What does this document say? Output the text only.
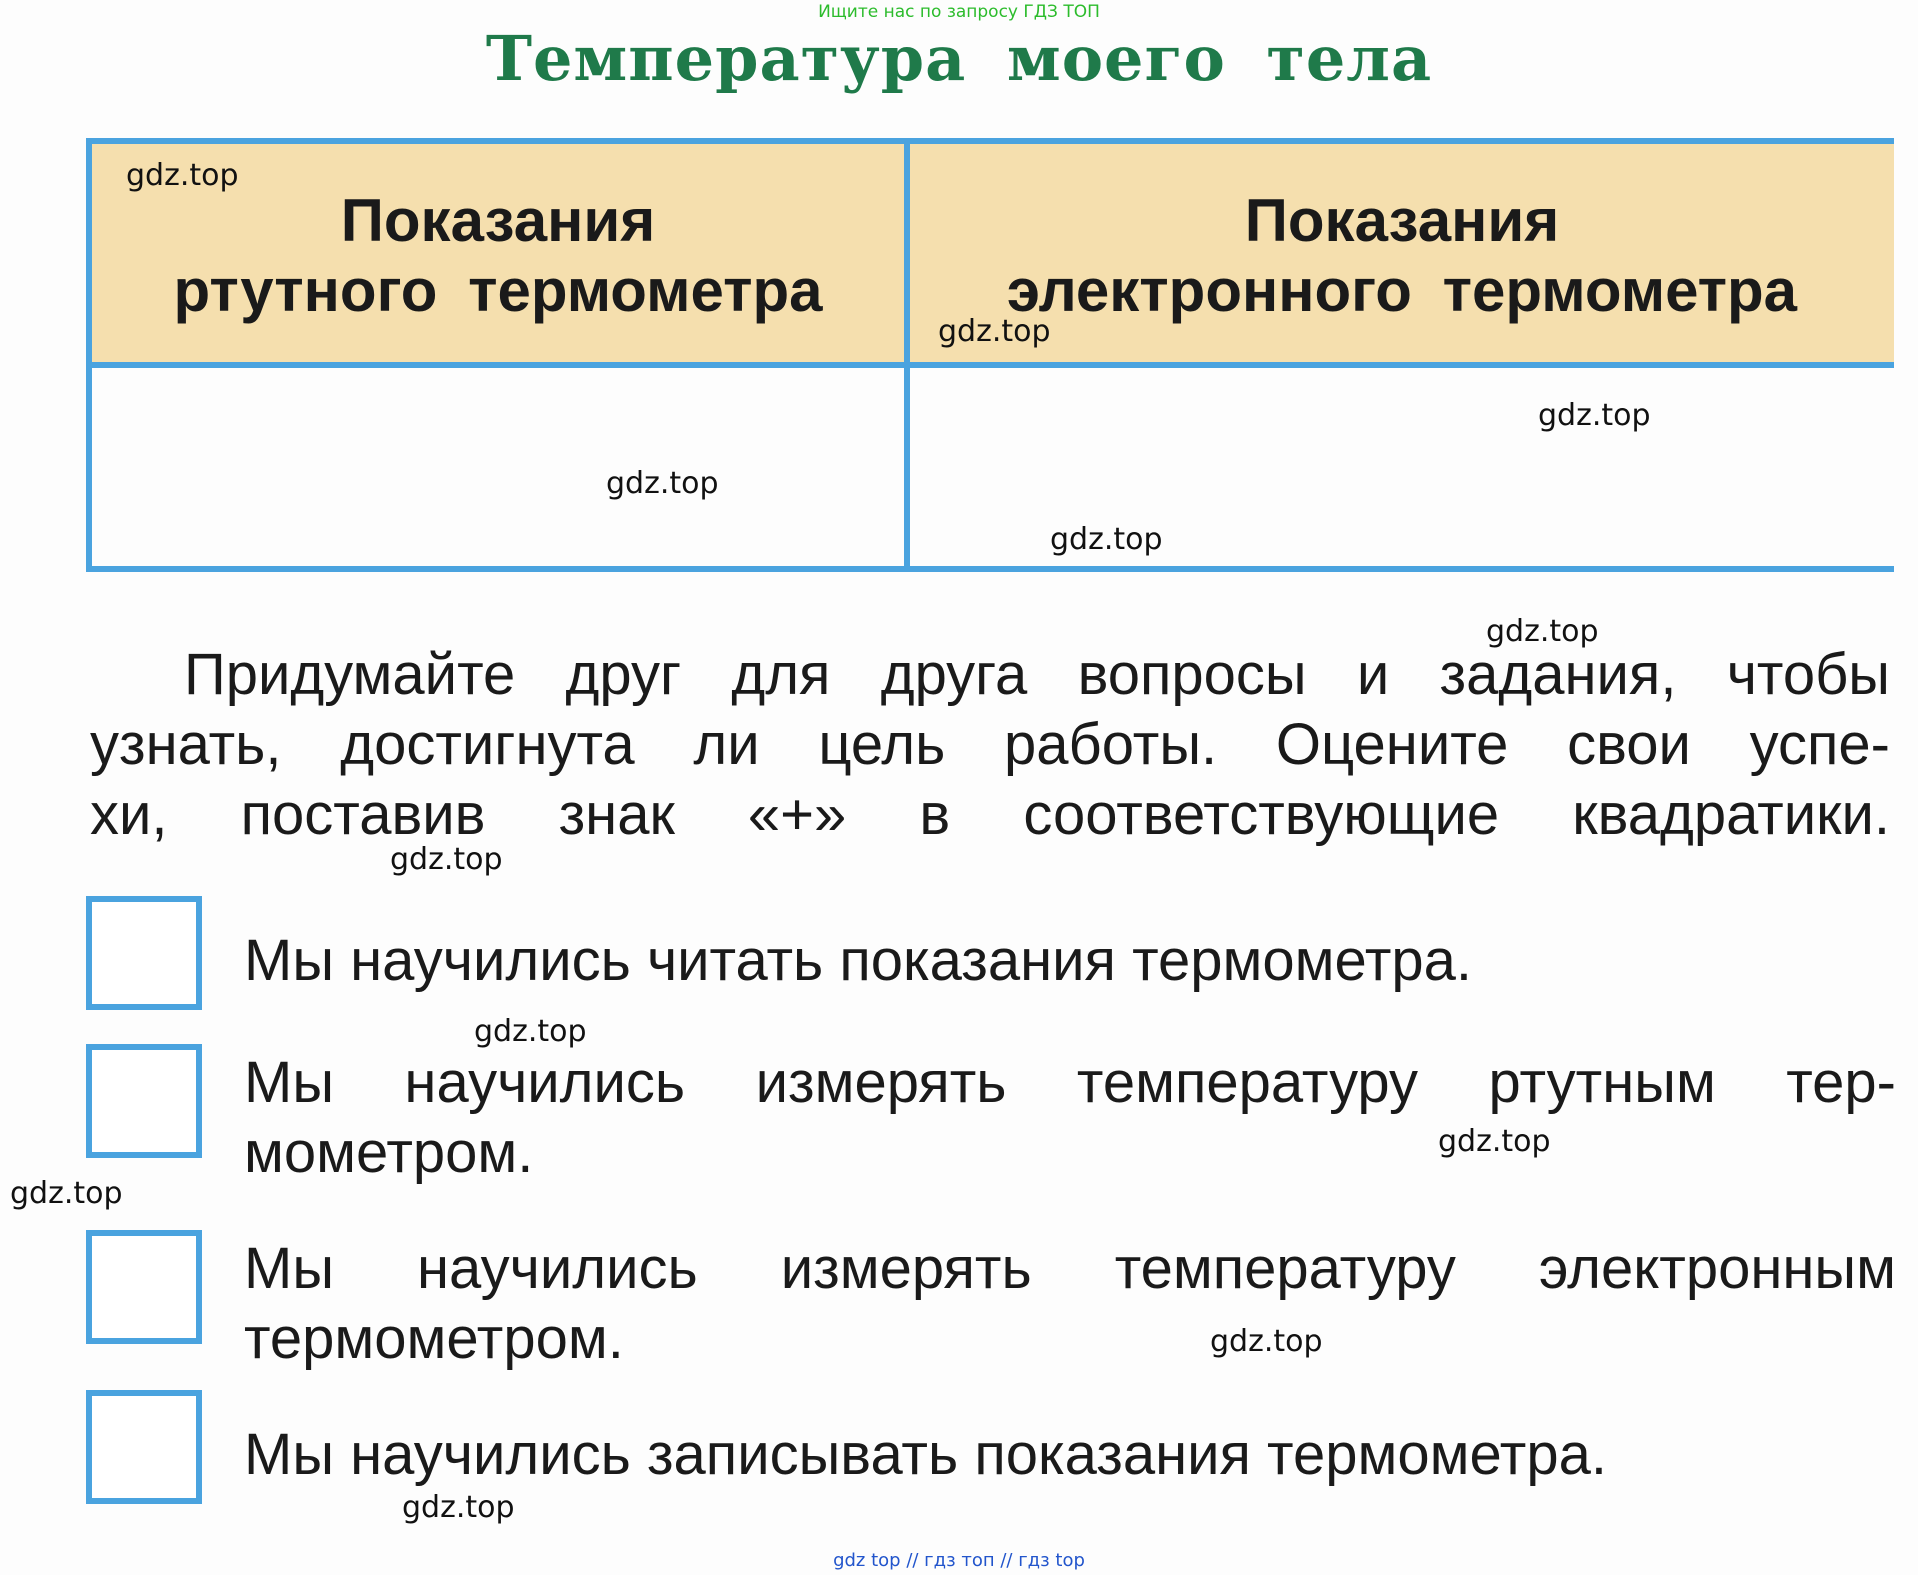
Ищите нас по запросу ГДЗ ТОП
Температура моего тела
Показания
ртутного термометра
Показания
электронного термометра

Придумайте друг для друга вопросы и задания, чтобы
узнать, достигнута ли цель работы. Оцените свои успе-
хи, поставив знак «+» в соответствующие квадратики.

Мы научились читать показания термометра.

Мы научились измерять температуру ртутным тер-
мометром.

Мы научились измерять температуру электронным
термометром.

Мы научились записывать показания термометра.

gdz.top
gdz.top
gdz.top
gdz.top
gdz.top
gdz.top
gdz.top
gdz.top
gdz.top
gdz.top
gdz.top
gdz.top
gdz top // гдз топ // гдз top
